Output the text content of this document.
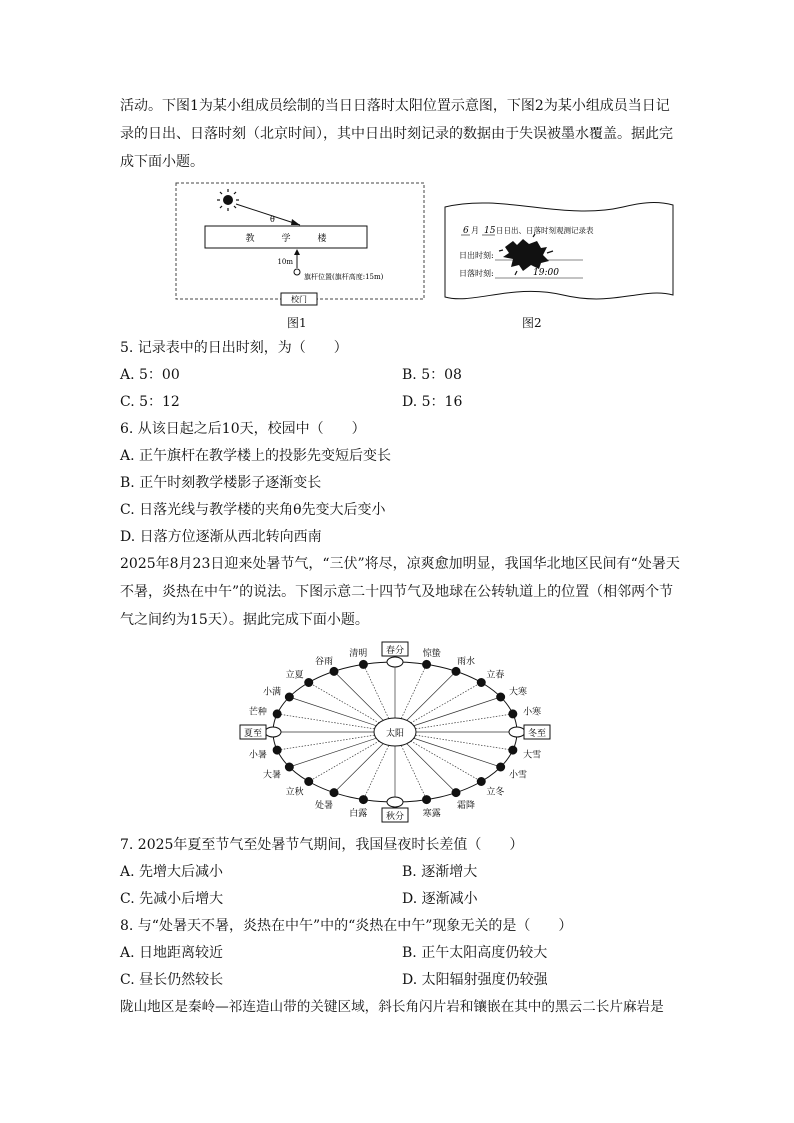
活动。下图1为某小组成员绘制的当日日落时太阳位置示意图，下图2为某小组成员当日记录的日出、日落时刻（北京时间），其中日出时刻记录的数据由于失误被墨水覆盖。据此完成下面小题。

θ
教　　　学　　　楼
10m
旗杆位置(旗杆高度:15m)
校门
图1
6 月 15 日日出、日落时刻观测记录表
日出时刻:
日落时刻:	19:00
图2
5. 记录表中的日出时刻，为（　　）
A. 5：00	B. 5：08
C. 5：12	D. 5：16
6. 从该日起之后10天，校园中（　　）
A. 正午旗杆在教学楼上的投影先变短后变长
B. 正午时刻教学楼影子逐渐变长
C. 日落光线与教学楼的夹角θ先变大后变小
D. 日落方位逐渐从西北转向西南

2025年8月23日迎来处暑节气，“三伏”将尽，凉爽愈加明显，我国华北地区民间有“处暑天不暑，炎热在中午”的说法。下图示意二十四节气及地球在公转轨道上的位置（相邻两个节气之间约为15天）。据此完成下面小题。

太阳
春分 惊蛰
雨水
立春
大寒
小寒
冬至
大雪
小雪
立冬
霜降
寒露
秋分
白露
处暑
立秋
大暑
小暑
夏至
芒种
小满
立夏
谷雨
清明
7. 2025年夏至节气至处暑节气期间，我国昼夜时长差值（　　）
A. 先增大后减小	B. 逐渐增大
C. 先减小后增大	D. 逐渐减小
8. 与“处暑天不暑，炎热在中午”中的“炎热在中午”现象无关的是（　　）
A. 日地距离较近	B. 正午太阳高度仍较大
C. 昼长仍然较长	D. 太阳辐射强度仍较强
陇山地区是秦岭—祁连造山带的关键区域，斜长角闪片岩和镶嵌在其中的黑云二长片麻岩是
